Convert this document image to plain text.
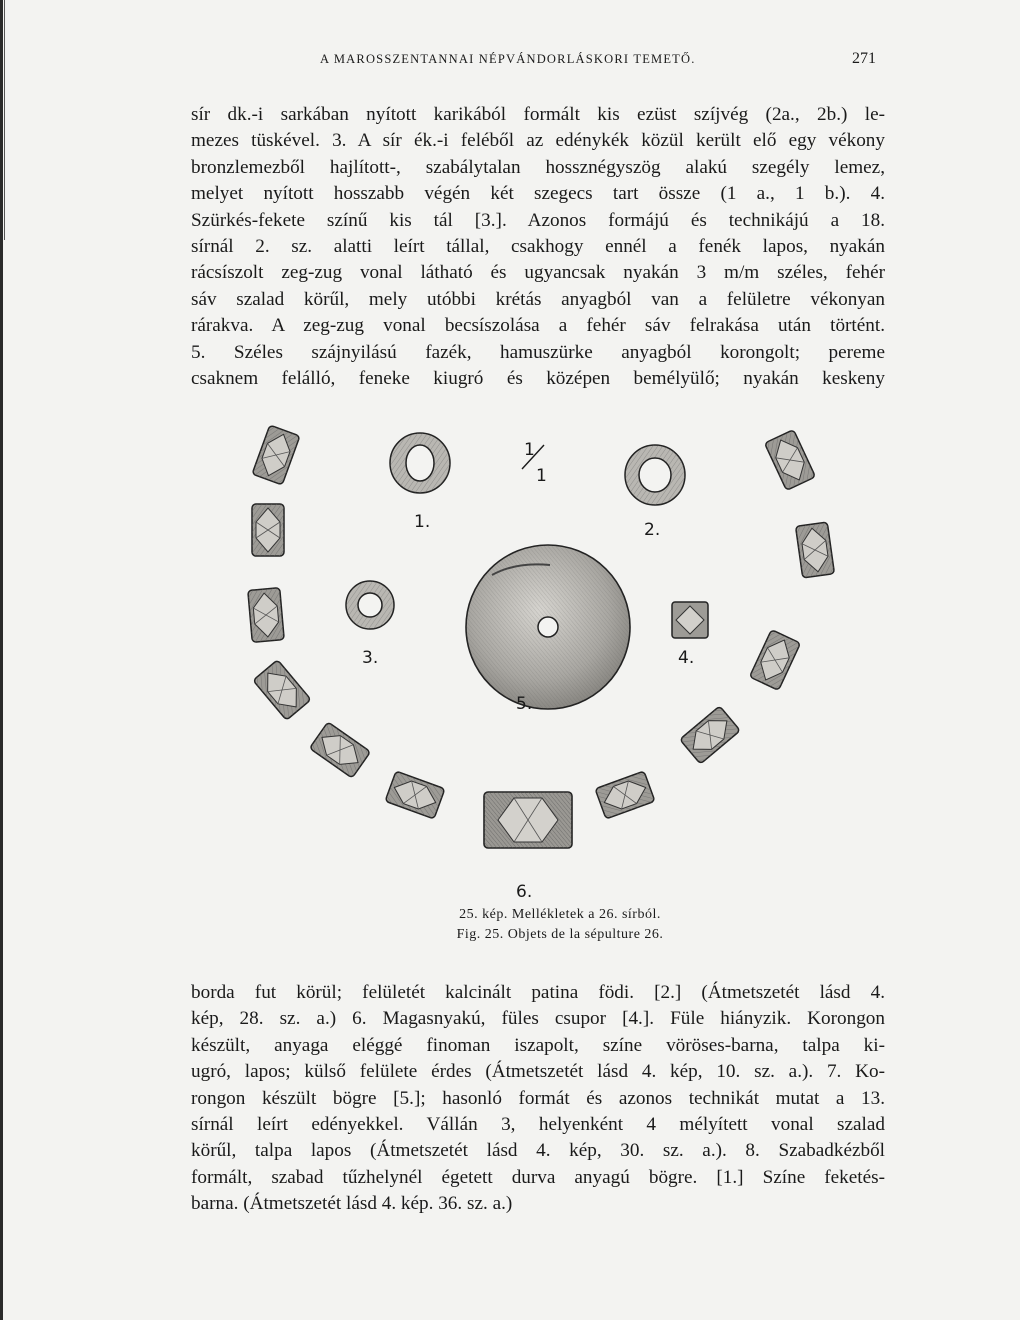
A MAROSSZENTANNAI NÉPVÁNDORLÁSKORI TEMETŐ.	271
sír dk.-i sarkában nyított karikából formált kis ezüst szíjvég (2a., 2b.) le-
mezes tüskével. 3. A sír ék.-i feléből az edénykék közül került elő egy vékony
bronzlemezből hajlított-, szabálytalan hossznégyszög alakú szegély lemez,
melyet nyított hosszabb végén két szegecs tart össze (1 a., 1 b.). 4.
Szürkés-fekete színű kis tál [3.]. Azonos formájú és technikájú a 18.
sírnál 2. sz. alatti leírt tállal, csakhogy ennél a fenék lapos, nyakán
rácsíszolt zeg-zug vonal látható és ugyancsak nyakán 3 m/m széles, fehér
sáv szalad körűl, mely utóbbi krétás anyagból van a felületre vékonyan
rárakva. A zeg-zug vonal becsíszolása a fehér sáv felrakása után történt.
5. Széles szájnyilású fazék, hamuszürke anyagból korongolt; pereme
csaknem felálló, feneke kiugró és középen bemélyülő; nyakán keskeny
1
1
1.	2.
3.	4.
5.
6.
25. kép. Mellékletek a 26. sírból.
Fig. 25. Objets de la sépulture 26.
borda fut körül; felületét kalcinált patina födi. [2.] (Átmetszetét lásd 4.
kép, 28. sz. a.) 6. Magasnyakú, füles csupor [4.]. Füle hiányzik. Korongon
készült, anyaga eléggé finoman iszapolt, színe vöröses-barna, talpa ki-
ugró, lapos; külső felülete érdes (Átmetszetét lásd 4. kép, 10. sz. a.). 7. Ko-
rongon készült bögre [5.]; hasonló formát és azonos technikát mutat a 13.
sírnál leírt edényekkel. Vállán 3, helyenként 4 mélyített vonal szalad
körűl, talpa lapos (Átmetszetét lásd 4. kép, 30. sz. a.). 8. Szabadkézből
formált, szabad tűzhelynél égetett durva anyagú bögre. [1.] Színe feketés-
barna. (Átmetszetét lásd 4. kép. 36. sz. a.)
